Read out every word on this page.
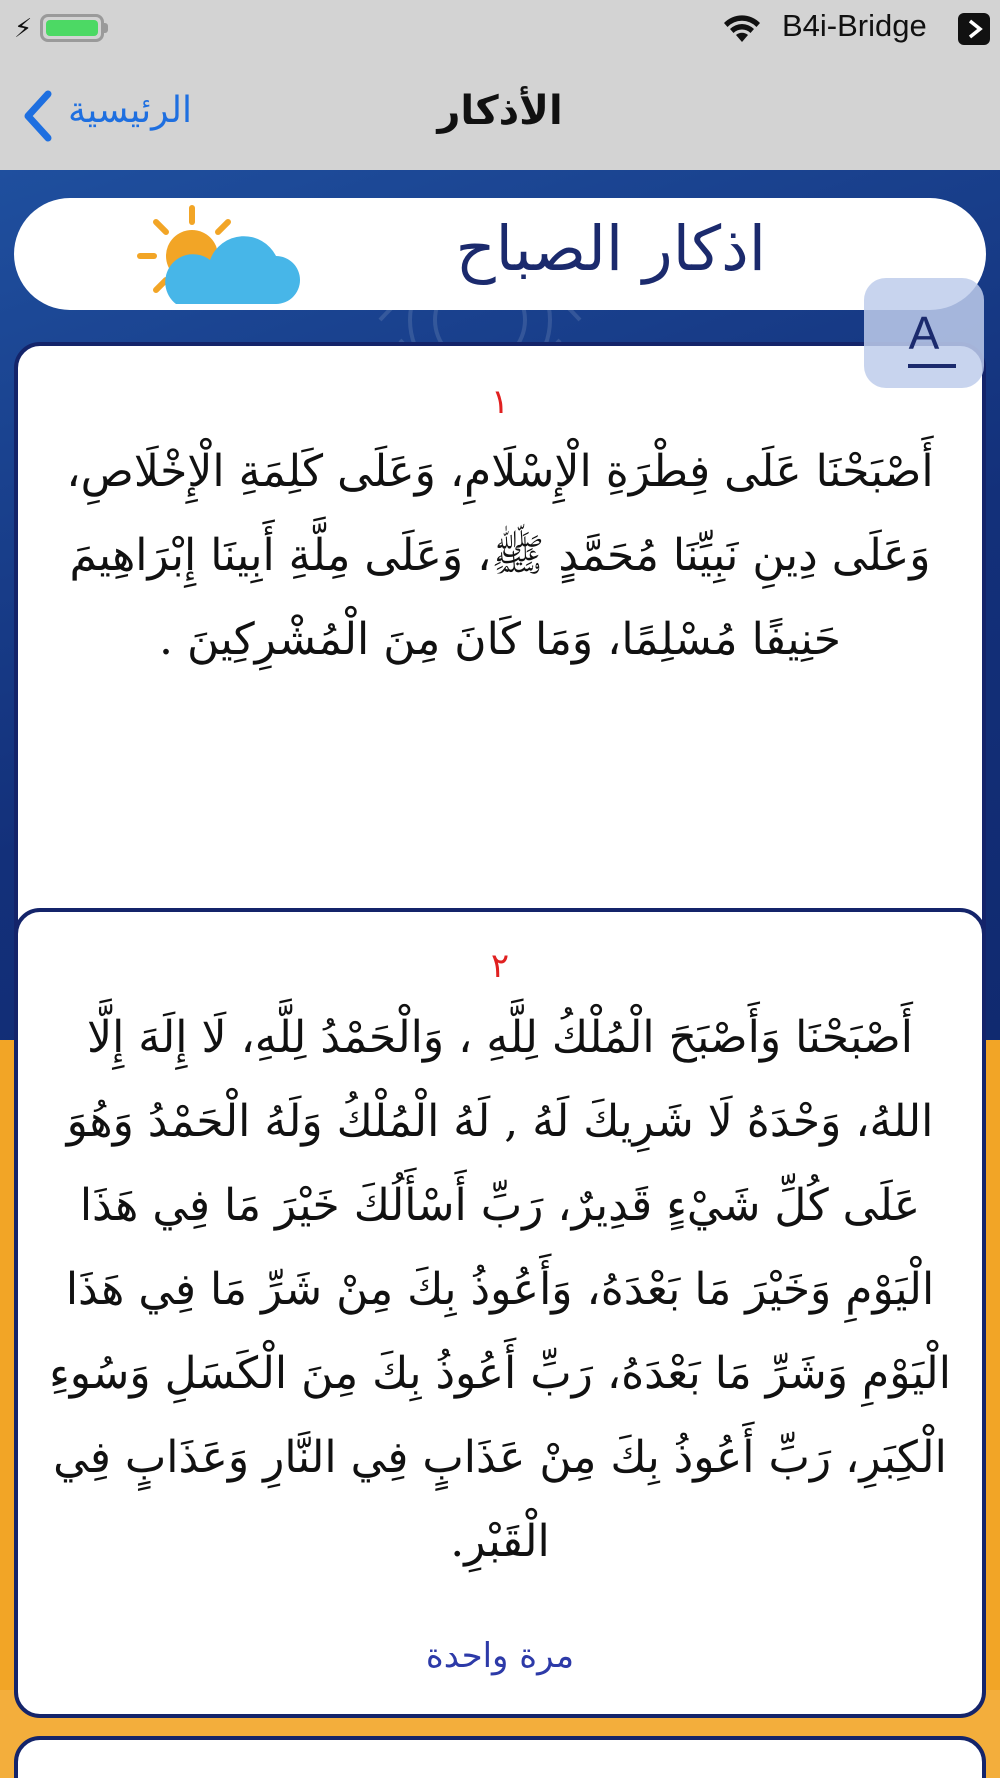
⚡	B4i-Bridge
الرئيسية	الأذكار
اذكار الصباح
١
أَصْبَحْنَا عَلَى فِطْرَةِ الْإِسْلَامِ، وَعَلَى كَلِمَةِ الْإِخْلَاصِ، وَعَلَى دِينِ نَبِيِّنَا مُحَمَّدٍ ﷺ، وَعَلَى مِلَّةِ أَبِينَا إِبْرَاهِيمَ حَنِيفًا مُسْلِمًا، وَمَا كَانَ مِنَ الْمُشْرِكِينَ .
٢
أَصْبَحْنَا وَأَصْبَحَ الْمُلْكُ لِلَّهِ ، وَالْحَمْدُ لِلَّهِ، لَا إِلَهَ إِلَّا اللهُ، وَحْدَهُ لَا شَرِيكَ لَهُ , لَهُ الْمُلْكُ وَلَهُ الْحَمْدُ وَهُوَ عَلَى كُلِّ شَيْءٍ قَدِيرٌ، رَبِّ أَسْأَلُكَ خَيْرَ مَا فِي هَذَا الْيَوْمِ وَخَيْرَ مَا بَعْدَهُ، وَأَعُوذُ بِكَ مِنْ شَرِّ مَا فِي هَذَا الْيَوْمِ وَشَرِّ مَا بَعْدَهُ، رَبِّ أَعُوذُ بِكَ مِنَ الْكَسَلِ وَسُوءِ الْكِبَرِ، رَبِّ أَعُوذُ بِكَ مِنْ عَذَابٍ فِي النَّارِ وَعَذَابٍ فِي الْقَبْرِ.
مرة واحدة
A
